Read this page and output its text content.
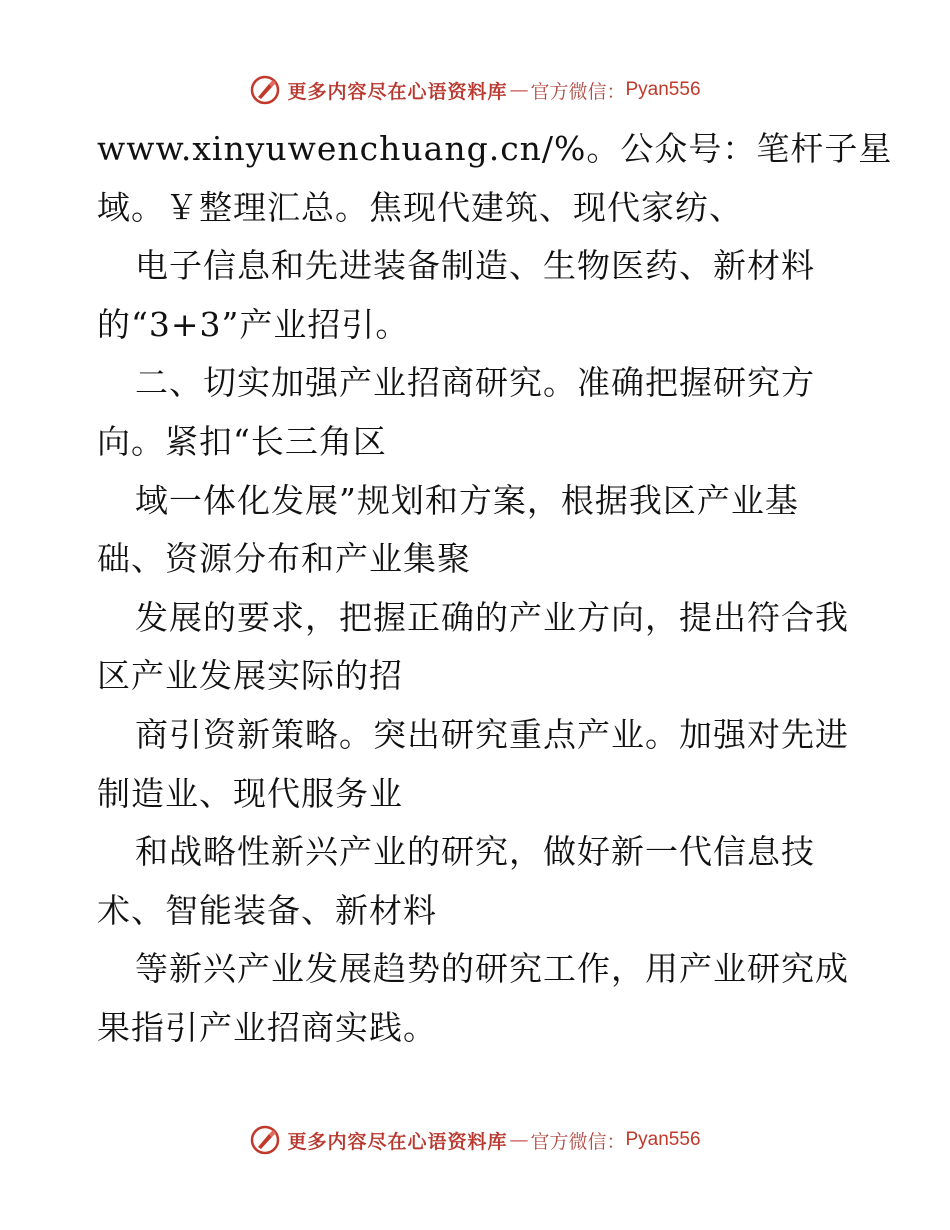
更多内容尽在心语资料库 — 官方微信： Pyan556
www.xinyuwenchuang.cn/%。公众号：笔杆子星
域。￥整理汇总。焦现代建筑、现代家纺、
电子信息和先进装备制造、生物医药、新材料
的“3+3”产业招引。
二、切实加强产业招商研究。准确把握研究方
向。紧扣“长三角区
域一体化发展”规划和方案，根据我区产业基
础、资源分布和产业集聚
发展的要求，把握正确的产业方向，提出符合我
区产业发展实际的招
商引资新策略。突出研究重点产业。加强对先进
制造业、现代服务业
和战略性新兴产业的研究，做好新一代信息技
术、智能装备、新材料
等新兴产业发展趋势的研究工作，用产业研究成
果指引产业招商实践。
更多内容尽在心语资料库 — 官方微信： Pyan556
